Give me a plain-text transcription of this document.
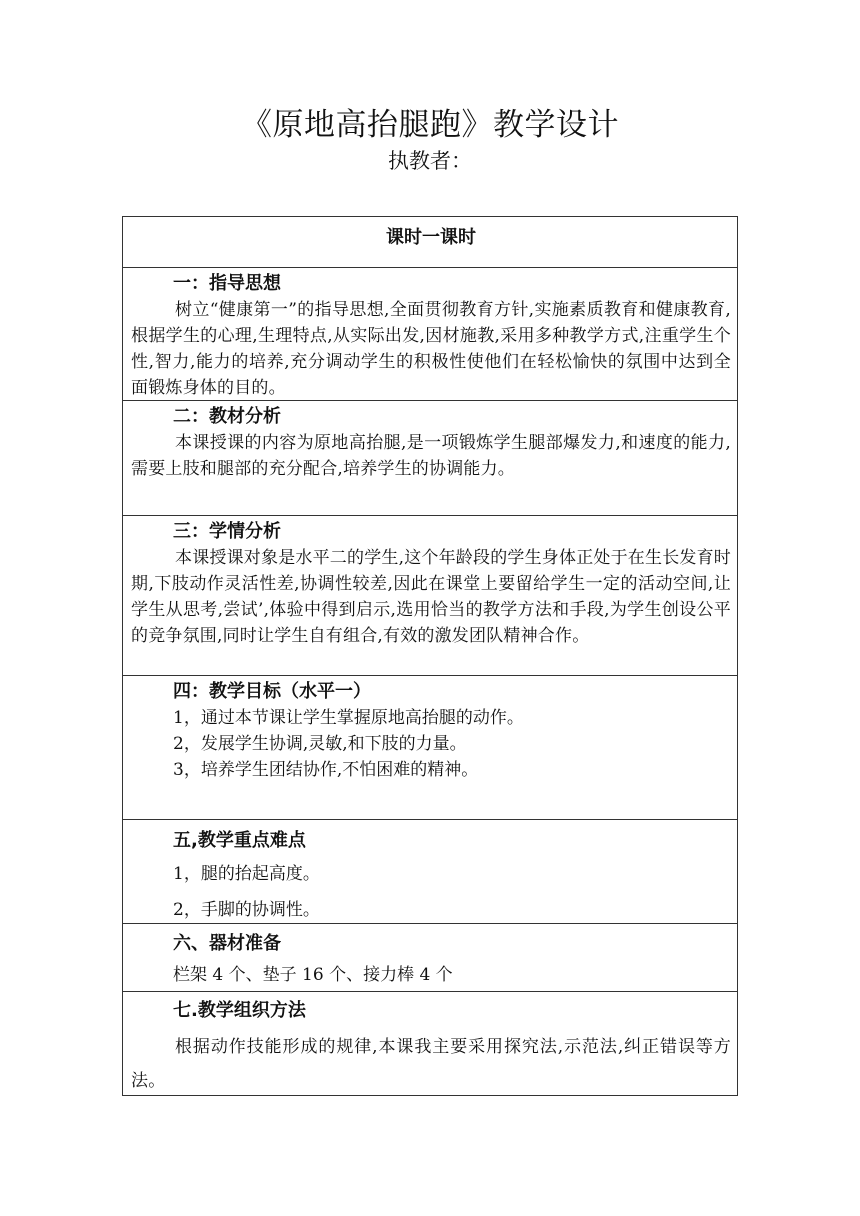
《原地高抬腿跑》教学设计
执教者：
课时一课时
一：指导思想
树立“健康第一”的指导思想,全面贯彻教育方针,实施素质教育和健康教育,根据学生的心理,生理特点,从实际出发,因材施教,采用多种教学方式,注重学生个性,智力,能力的培养,充分调动学生的积极性使他们在轻松愉快的氛围中达到全面锻炼身体的目的。
二：教材分析
本课授课的内容为原地高抬腿,是一项锻炼学生腿部爆发力,和速度的能力,需要上肢和腿部的充分配合,培养学生的协调能力。
三：学情分析
本课授课对象是水平二的学生,这个年龄段的学生身体正处于在生长发育时期,下肢动作灵活性差,协调性较差,因此在课堂上要留给学生一定的活动空间,让学生从思考,尝试’,体验中得到启示,选用恰当的教学方法和手段,为学生创设公平的竞争氛围,同时让学生自有组合,有效的激发团队精神合作。
四：教学目标（水平一）
1，通过本节课让学生掌握原地高抬腿的动作。
2，发展学生协调,灵敏,和下肢的力量。
3，培养学生团结协作,不怕困难的精神。
五,教学重点难点
1，腿的抬起高度。
2，手脚的协调性。
六、器材准备
栏架 4 个、垫子 16 个、接力棒 4 个
七.教学组织方法
根据动作技能形成的规律,本课我主要采用探究法,示范法,纠正错误等方法。
